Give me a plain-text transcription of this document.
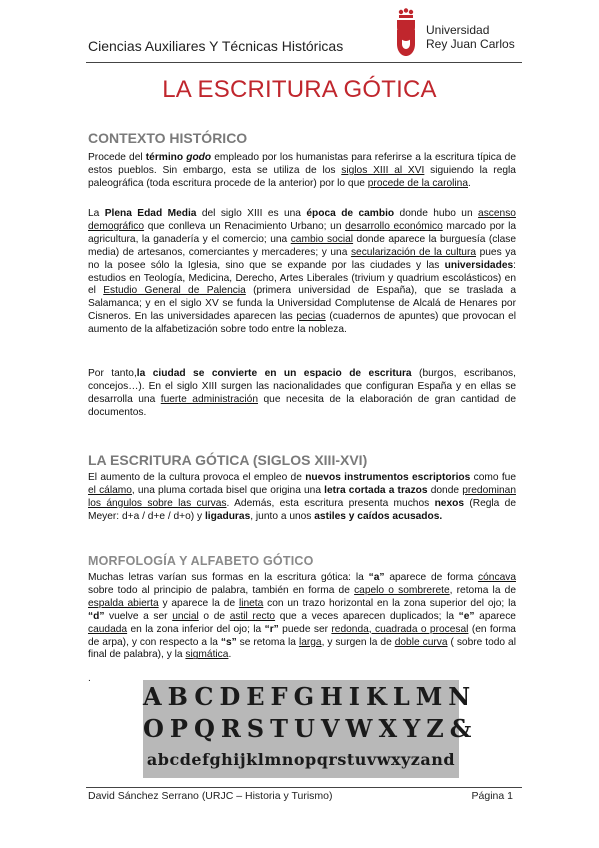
Ciencias Auxiliares Y Técnicas Históricas
Universidad
Rey Juan Carlos
LA ESCRITURA GÓTICA
CONTEXTO HISTÓRICO
Procede del término godo empleado por los humanistas para referirse a la escritura típica de estos pueblos. Sin embargo, esta se utiliza de los siglos XIII al XVI siguiendo la regla paleográfica (toda escritura procede de la anterior) por lo que procede de la carolina.
La Plena Edad Media del siglo XIII es una época de cambio donde hubo un ascenso demográfico que conlleva un Renacimiento Urbano; un desarrollo económico marcado por la agricultura, la ganadería y el comercio; una cambio social donde aparece la burguesía (clase media) de artesanos, comerciantes y mercaderes; y una secularización de la cultura pues ya no la posee sólo la Iglesia, sino que se expande por las ciudades y las universidades: estudios en Teología, Medicina, Derecho, Artes Liberales (trivium y quadrium escolásticos) en el Estudio General de Palencia (primera universidad de España), que se traslada a Salamanca; y en el siglo XV se funda la Universidad Complutense de Alcalá de Henares por Cisneros. En las universidades aparecen las pecias (cuadernos de apuntes) que provocan el aumento de la alfabetización sobre todo entre la nobleza.
Por tanto,la ciudad se convierte en un espacio de escritura (burgos, escribanos, concejos…). En el siglo XIII surgen las nacionalidades que configuran España y en ellas se desarrolla una fuerte administración que necesita de la elaboración de gran cantidad de documentos.
LA ESCRITURA GÓTICA (SIGLOS XIII-XVI)
El aumento de la cultura provoca el empleo de nuevos instrumentos escriptorios como fue el cálamo, una pluma cortada bisel que origina una letra cortada a trazos donde predominan los ángulos sobre las curvas. Además, esta escritura presenta muchos nexos (Regla de Meyer: d+a / d+e / d+o) y ligaduras, junto a unos astiles y caídos acusados.
MORFOLOGÍA Y ALFABETO GÓTICO
Muchas letras varían sus formas en la escritura gótica: la “a” aparece de forma cóncava sobre todo al principio de palabra, también en forma de capelo o sombrerete, retoma la de espalda abierta y aparece la de lineta con un trazo horizontal en la zona superior del ojo; la “d” vuelve a ser uncial o de astil recto que a veces aparecen duplicados; la “e” aparece caudada en la zona inferior del ojo; la “r” puede ser redonda, cuadrada o procesal (en forma de arpa), y con respecto a la “s” se retoma la larga, y surgen la de doble curva ( sobre todo al final de palabra), y la sigmática.
.
ABCDEFGHIKLMN
OPQRSTUVWXYZ&
abcdefghijklmnopqrstuvwxyzand
David Sánchez Serrano (URJC – Historia y Turismo)	Página 1
